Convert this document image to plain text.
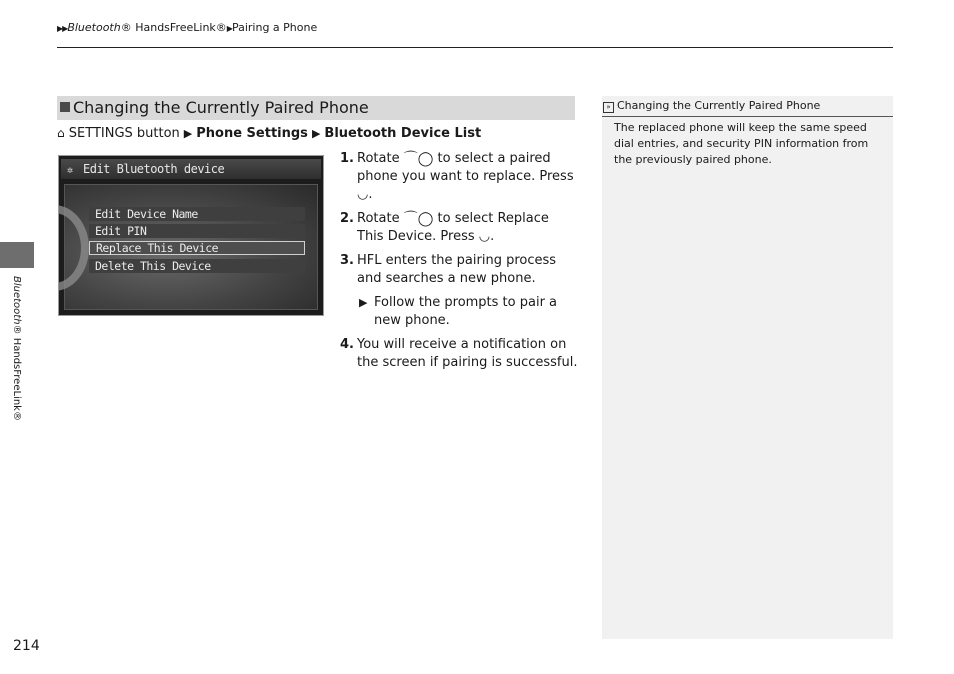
▶▶Bluetooth® HandsFreeLink®▶Pairing a Phone
Bluetooth® HandsFreeLink®
Changing the Currently Paired Phone
⌂ SETTINGS button ▶ Phone Settings ▶ Bluetooth Device List
✲ Edit Bluetooth device
Edit Device Name
Edit PIN
Replace This Device
Delete This Device
1. Rotate ⌒◯ to select a paired phone you want to replace. Press ◡.
2. Rotate ⌒◯ to select Replace This Device. Press ◡.
3. HFL enters the pairing process and searches a new phone.
▶ Follow the prompts to pair a new phone.
4. You will receive a notification on the screen if pairing is successful.
» Changing the Currently Paired Phone
The replaced phone will keep the same speed dial entries, and security PIN information from the previously paired phone.
214
